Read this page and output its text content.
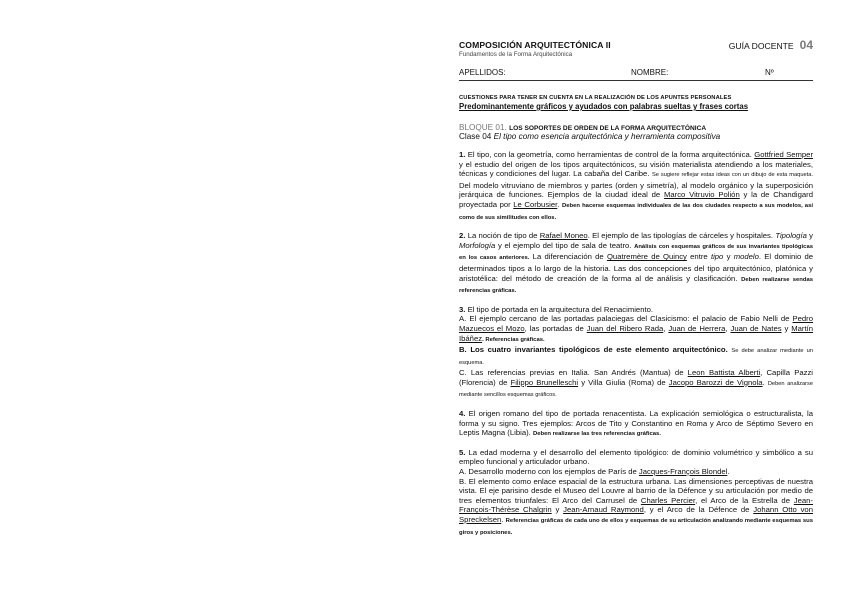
COMPOSICIÓN ARQUITECTÓNICA II
Fundamentos de la Forma Arquitectónica
GUÍA DOCENTE 04
APELLIDOS:	NOMBRE:	Nº
CUESTIONES PARA TENER EN CUENTA EN LA REALIZACIÓN DE LOS APUNTES PERSONALES
Predominantemente gráficos y ayudados con palabras sueltas y frases cortas
BLOQUE 01. LOS SOPORTES DE ORDEN DE LA FORMA ARQUITECTÓNICA
Clase 04 El tipo como esencia arquitectónica y herramienta compositiva

1. El tipo, con la geometría, como herramientas de control de la forma arquitectónica. Gottfried Semper y el estudio del origen de los tipos arquitectónicos, su visión materialista atendiendo a los materiales, técnicas y condiciones del lugar. La cabaña del Caribe. Se sugiere reflejar estas ideas con un dibujo de esta maqueta. Del modelo vitruviano de miembros y partes (orden y simetría), al modelo orgánico y la superposición jerárquica de funciones. Ejemplos de la ciudad ideal de Marco Vitruvio Polión y la de Chandigard proyectada por Le Corbusier. Deben hacerse esquemas individuales de las dos ciudades respecto a sus modelos, así como de sus similitudes con ellos.

2. La noción de tipo de Rafael Moneo. El ejemplo de las tipologías de cárceles y hospitales. Tipología y Morfología y el ejemplo del tipo de sala de teatro. Análisis con esquemas gráficos de sus invariantes tipológicas en los casos anteriores. La diferenciación de Quatremère de Quincy entre tipo y modelo. El dominio de determinados tipos a lo largo de la historia. Las dos concepciones del tipo arquitectónico, platónica y aristotélica: del método de creación de la forma al de análisis y clasificación. Deben realizarse sendas referencias gráficas.

3. El tipo de portada en la arquitectura del Renacimiento.

A. El ejemplo cercano de las portadas palaciegas del Clasicismo: el palacio de Fabio Nelli de Pedro Mazuecos el Mozo, las portadas de Juan del Ribero Rada, Juan de Herrera, Juan de Nates y Martín Ibáñez. Referencias gráficas.

B. Los cuatro invariantes tipológicos de este elemento arquitectónico. Se debe analizar mediante un esquema.

C. Las referencias previas en Italia. San Andrés (Mantua) de Leon Battista Alberti, Capilla Pazzi (Florencia) de Filippo Brunelleschi y Villa Giulia (Roma) de Jacopo Barozzi de Vignola. Deben analizarse mediante sencillos esquemas gráficos.

4. El origen romano del tipo de portada renacentista. La explicación semiológica o estructuralista, la forma y su signo. Tres ejemplos: Arcos de Tito y Constantino en Roma y Arco de Séptimo Severo en Leptis Magna (Libia). Deben realizarse las tres referencias gráficas.

5. La edad moderna y el desarrollo del elemento tipológico: de dominio volumétrico y simbólico a su empleo funcional y articulador urbano.

A. Desarrollo moderno con los ejemplos de París de Jacques-François Blondel.

B. El elemento como enlace espacial de la estructura urbana. Las dimensiones perceptivas de nuestra vista. El eje parisino desde el Museo del Louvre al barrio de la Défence y su articulación por medio de tres elementos triunfales: El Arco del Carrusel de Charles Percier, el Arco de la Estrella de Jean-François-Thérèse Chalgrin y Jean-Arnaud Raymond, y el Arco de la Défence de Johann Otto von Spreckelsen. Referencias gráficas de cada uno de ellos y esquemas de su articulación analizando mediante esquemas sus giros y posiciones.
